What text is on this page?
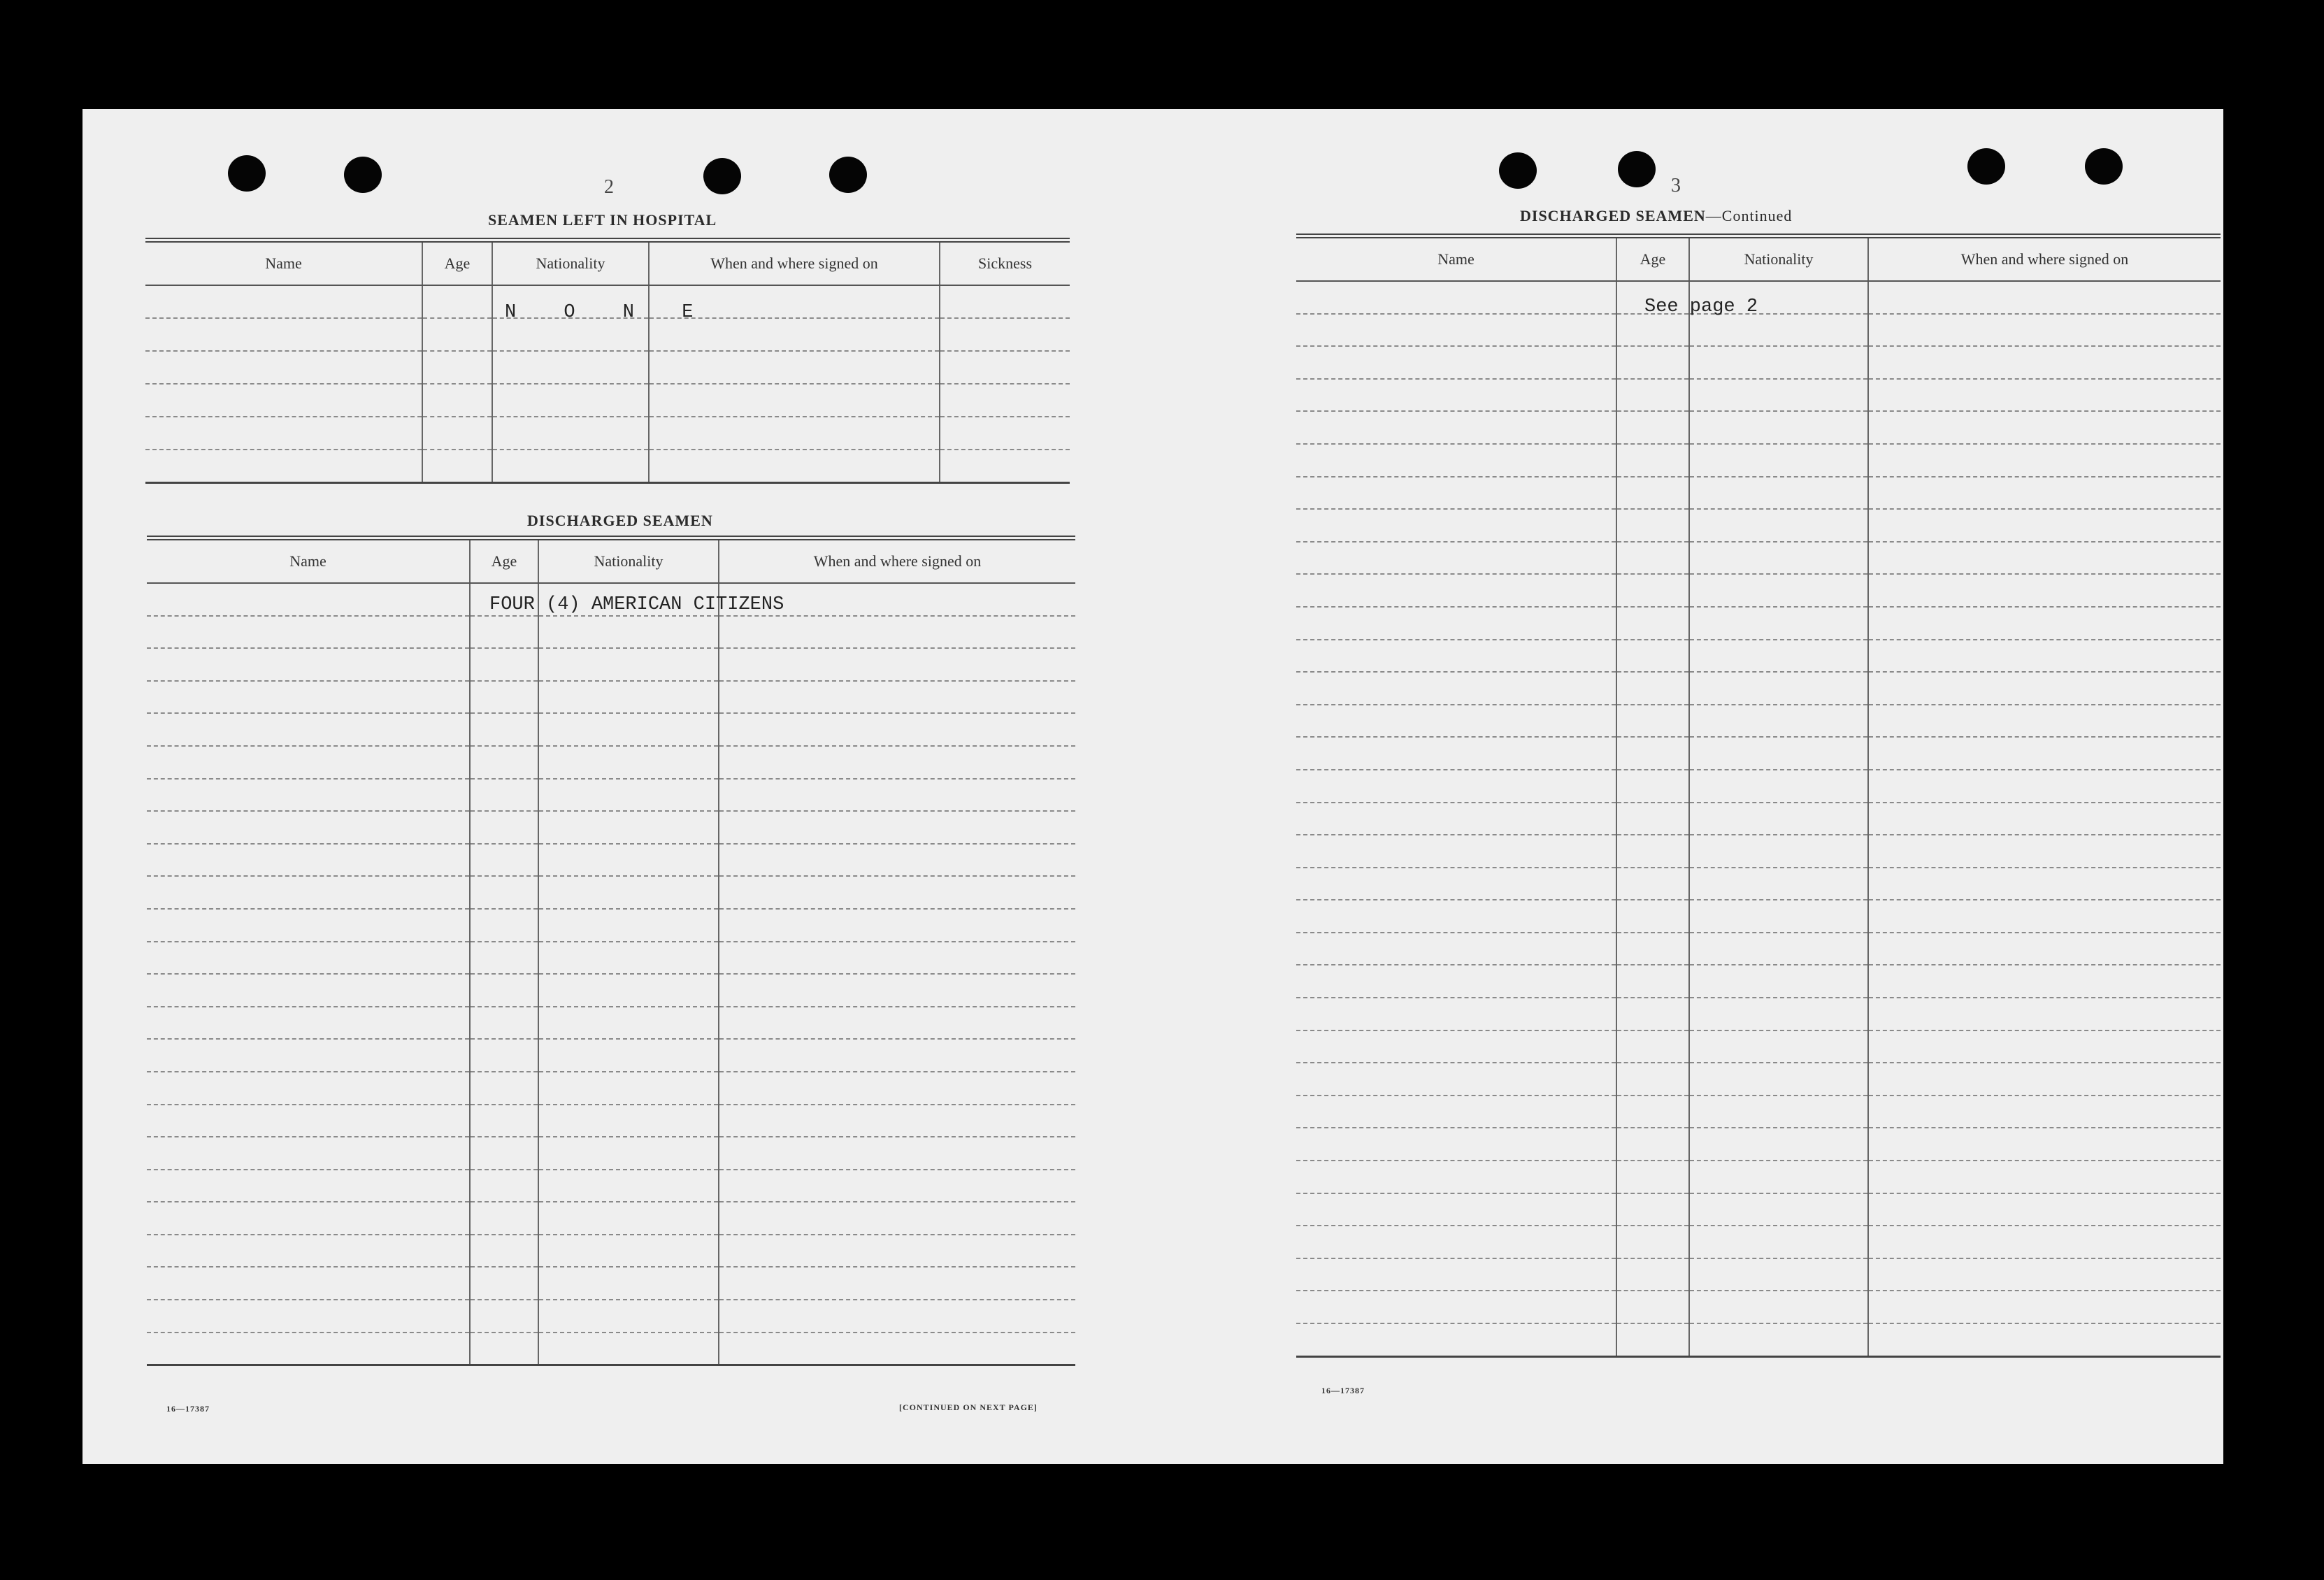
2
SEAMEN LEFT IN HOSPITAL
Name	Age	Nationality	When and where signed on	Sickness

N O N E
DISCHARGED SEAMEN
Name	Age	Nationality	When and where signed on

FOUR (4) AMERICAN CITIZENS
16—17387	[CONTINUED ON NEXT PAGE]
3
DISCHARGED SEAMEN—Continued
Name	Age	Nationality	When and where signed on

See page 2
16—17387
